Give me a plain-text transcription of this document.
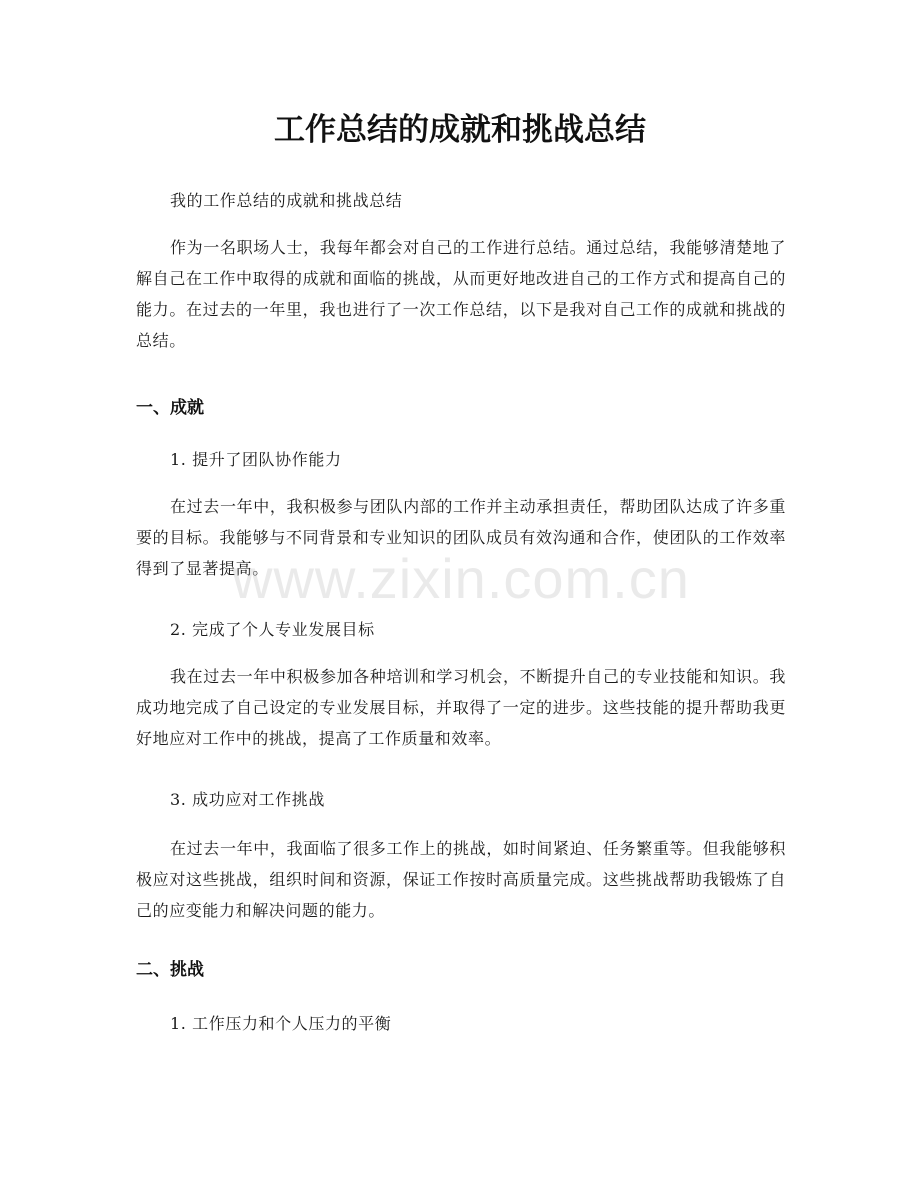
工作总结的成就和挑战总结

我的工作总结的成就和挑战总结

作为一名职场人士，我每年都会对自己的工作进行总结。通过总结，我能够清楚地了解自己在工作中取得的成就和面临的挑战，从而更好地改进自己的工作方式和提高自己的能力。在过去的一年里，我也进行了一次工作总结，以下是我对自己工作的成就和挑战的总结。

一、成就

1. 提升了团队协作能力

在过去一年中，我积极参与团队内部的工作并主动承担责任，帮助团队达成了许多重要的目标。我能够与不同背景和专业知识的团队成员有效沟通和合作，使团队的工作效率得到了显著提高。

2. 完成了个人专业发展目标

我在过去一年中积极参加各种培训和学习机会，不断提升自己的专业技能和知识。我成功地完成了自己设定的专业发展目标，并取得了一定的进步。这些技能的提升帮助我更好地应对工作中的挑战，提高了工作质量和效率。

3. 成功应对工作挑战

在过去一年中，我面临了很多工作上的挑战，如时间紧迫、任务繁重等。但我能够积极应对这些挑战，组织时间和资源，保证工作按时高质量完成。这些挑战帮助我锻炼了自己的应变能力和解决问题的能力。

二、挑战

1. 工作压力和个人压力的平衡

www.zixin.com.cn
